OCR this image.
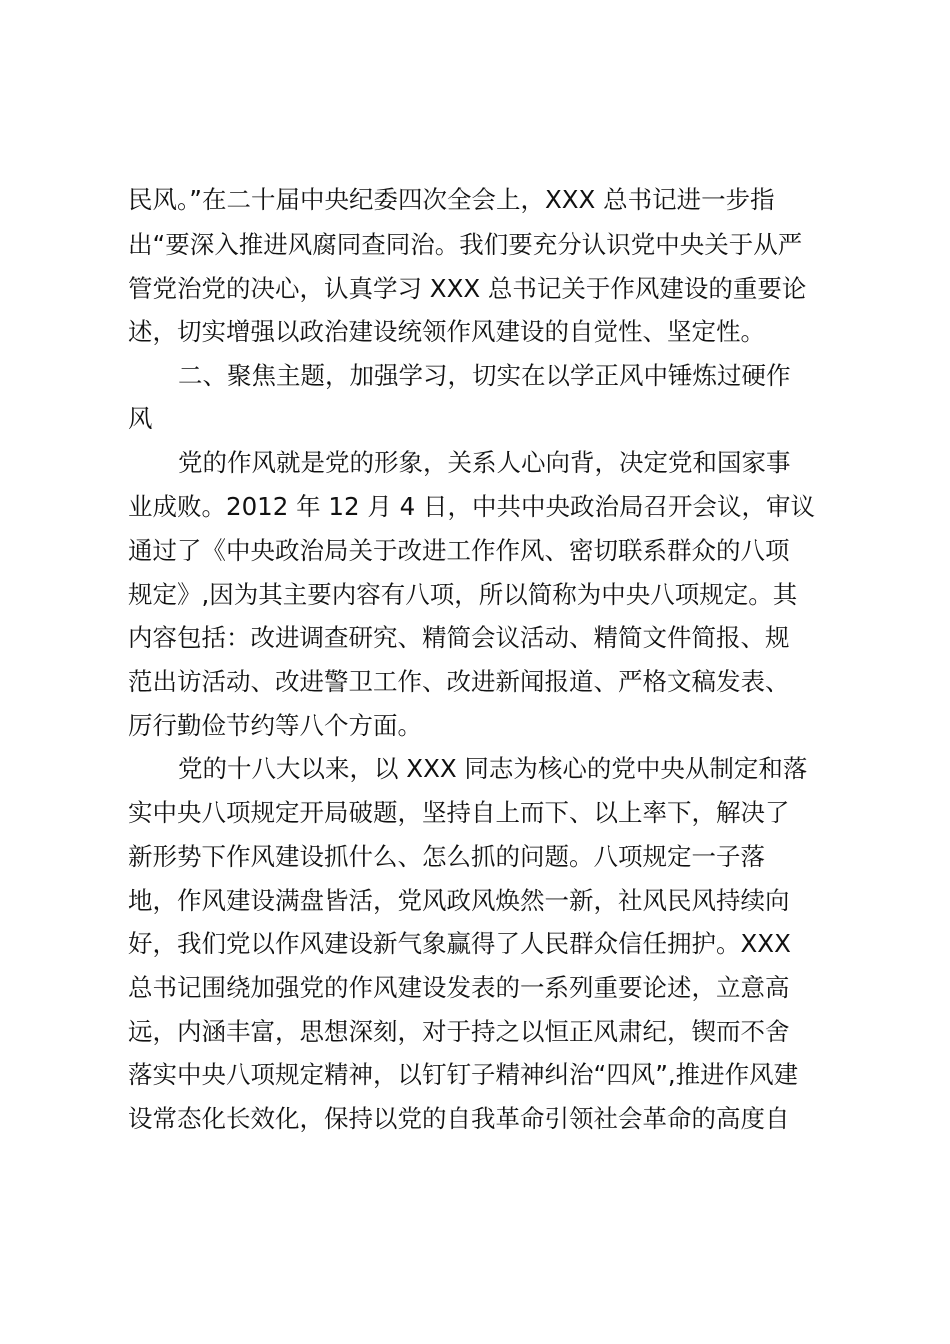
民风。”在二十届中央纪委四次全会上，XXX 总书记进一步指
出“要深入推进风腐同查同治。我们要充分认识党中央关于从严
管党治党的决心，认真学习 XXX 总书记关于作风建设的重要论
述，切实增强以政治建设统领作风建设的自觉性、坚定性。
二、聚焦主题，加强学习，切实在以学正风中锤炼过硬作
风
党的作风就是党的形象，关系人心向背，决定党和国家事
业成败。2012 年 12 月 4 日，中共中央政治局召开会议，审议
通过了《中央政治局关于改进工作作风、密切联系群众的八项
规定》,因为其主要内容有八项，所以简称为中央八项规定。其
内容包括：改进调查研究、精简会议活动、精简文件简报、规
范出访活动、改进警卫工作、改进新闻报道、严格文稿发表、
厉行勤俭节约等八个方面。
党的十八大以来，以 XXX 同志为核心的党中央从制定和落
实中央八项规定开局破题，坚持自上而下、以上率下，解决了
新形势下作风建设抓什么、怎么抓的问题。八项规定一子落
地，作风建设满盘皆活，党风政风焕然一新，社风民风持续向
好，我们党以作风建设新气象赢得了人民群众信任拥护。XXX
总书记围绕加强党的作风建设发表的一系列重要论述，立意高
远，内涵丰富，思想深刻，对于持之以恒正风肃纪，锲而不舍
落实中央八项规定精神，以钉钉子精神纠治“四风”,推进作风建
设常态化长效化，保持以党的自我革命引领社会革命的高度自
